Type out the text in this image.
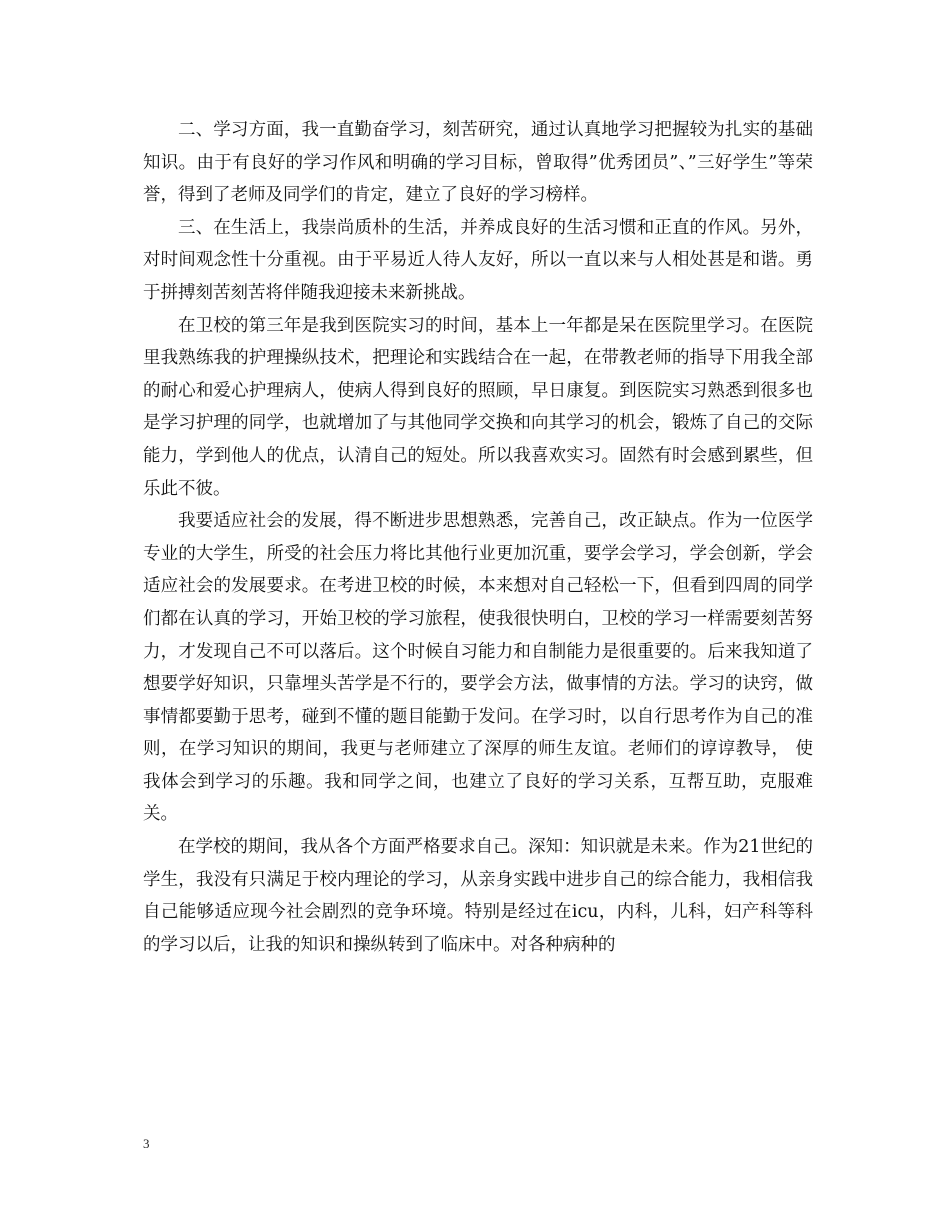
二、学习方面，我一直勤奋学习，刻苦研究，通过认真地学习把握较为扎实的基础知识。由于有良好的学习作风和明确的学习目标，曾取得”优秀团员”、”三好学生”等荣誉，得到了老师及同学们的肯定，建立了良好的学习榜样。

三、在生活上，我崇尚质朴的生活，并养成良好的生活习惯和正直的作风。另外，对时间观念性十分重视。由于平易近人待人友好，所以一直以来与人相处甚是和谐。勇于拼搏刻苦刻苦将伴随我迎接未来新挑战。

在卫校的第三年是我到医院实习的时间，基本上一年都是呆在医院里学习。在医院里我熟练我的护理操纵技术，把理论和实践结合在一起，在带教老师的指导下用我全部的耐心和爱心护理病人，使病人得到良好的照顾，早日康复。到医院实习熟悉到很多也是学习护理的同学，也就增加了与其他同学交换和向其学习的机会，锻炼了自己的交际能力，学到他人的优点，认清自己的短处。所以我喜欢实习。固然有时会感到累些，但乐此不彼。

我要适应社会的发展，得不断进步思想熟悉，完善自己，改正缺点。作为一位医学专业的大学生，所受的社会压力将比其他行业更加沉重，要学会学习，学会创新，学会适应社会的发展要求。在考进卫校的时候，本来想对自己轻松一下，但看到四周的同学们都在认真的学习，开始卫校的学习旅程，使我很快明白，卫校的学习一样需要刻苦努力，才发现自己不可以落后。这个时候自习能力和自制能力是很重要的。后来我知道了想要学好知识，只靠埋头苦学是不行的，要学会方法，做事情的方法。学习的诀窍，做事情都要勤于思考，碰到不懂的题目能勤于发问。在学习时，以自行思考作为自己的准则，在学习知识的期间，我更与老师建立了深厚的师生友谊。老师们的谆谆教导， 使我体会到学习的乐趣。我和同学之间，也建立了良好的学习关系，互帮互助，克服难关。

在学校的期间，我从各个方面严格要求自己。深知：知识就是未来。作为21世纪的学生，我没有只满足于校内理论的学习，从亲身实践中进步自己的综合能力，我相信我自己能够适应现今社会剧烈的竞争环境。特别是经过在icu，内科，儿科，妇产科等科的学习以后，让我的知识和操纵转到了临床中。对各种病种的

3
